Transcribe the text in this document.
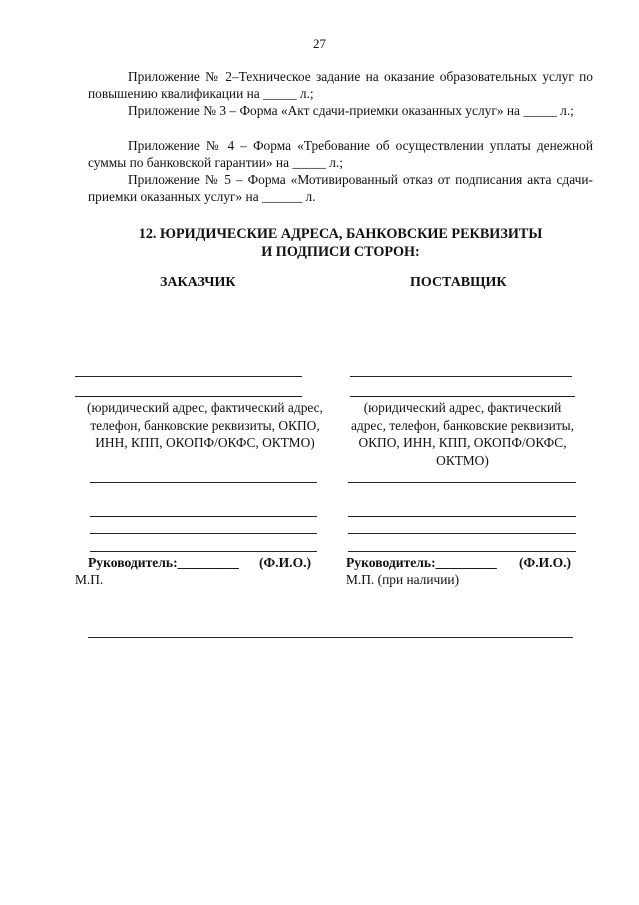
27
Приложение № 2–Техническое задание на оказание образовательных услуг по повышению квалификации на _____ л.;
Приложение № 3 – Форма «Акт сдачи-приемки оказанных услуг» на _____ л.;
Приложение № 4 – Форма «Требование об осуществлении уплаты денежной суммы по банковской гарантии» на _____ л.;
Приложение № 5 – Форма «Мотивированный отказ от подписания акта сдачи-приемки оказанных услуг» на ______ л.
12. ЮРИДИЧЕСКИЕ АДРЕСА, БАНКОВСКИЕ РЕКВИЗИТЫ
И ПОДПИСИ СТОРОН:
ЗАКАЗЧИК	ПОСТАВЩИК
(юридический адрес, фактический адрес, телефон, банковские реквизиты, ОКПО, ИНН, КПП, ОКОПФ/ОКФС, ОКТМО)
Руководитель:_________ (Ф.И.О.)
М.П.
(юридический адрес, фактический адрес, телефон, банковские реквизиты, ОКПО, ИНН, КПП, ОКОПФ/ОКФС, ОКТМО)
Руководитель:_________ (Ф.И.О.)
М.П. (при наличии)
